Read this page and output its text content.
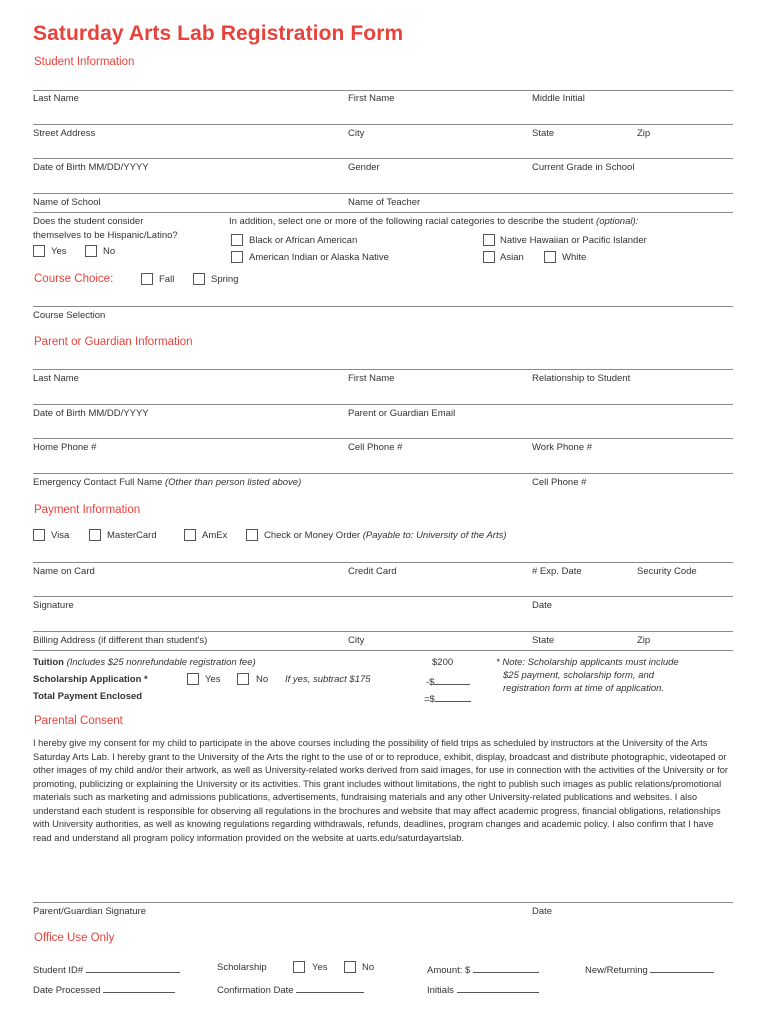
Saturday Arts Lab Registration Form
Student Information
Last Name	First Name	Middle Initial
Street Address	City	State	Zip
Date of Birth MM/DD/YYYY	Gender	Current Grade in School
Name of School	Name of Teacher
Does the student consider
themselves to be Hispanic/Latino?
Yes	No
In addition, select one or more of the following racial categories to describe the student (optional):
Black or African American
American Indian or Alaska Native
Native Hawaiian or Pacific Islander
Asian	White
Course Choice:	Fall	Spring
Course Selection
Parent or Guardian Information
Last Name	First Name	Relationship to Student
Date of Birth MM/DD/YYYY	Parent or Guardian Email
Home Phone #	Cell Phone #	Work Phone #
Emergency Contact Full Name (Other than person listed above)	Cell Phone #
Payment Information
Visa	MasterCard	AmEx	Check or Money Order (Payable to: University of the Arts)
Name on Card	Credit Card	# Exp. Date	Security Code
Signature	Date
Billing Address (if different than student's)	City	State	Zip
Tuition (Includes $25 nonrefundable registration fee)	$200
Scholarship Application *	Yes	No If yes, subtract $175	-$
Total Payment Enclosed	=$
* Note: Scholarship applicants must include
$25 payment, scholarship form, and
registration form at time of application.
Parental Consent
I hereby give my consent for my child to participate in the above courses including the possibility of field trips as scheduled by instructors at the University of the Arts Saturday Arts Lab. I hereby grant to the University of the Arts the right to the use of or to reproduce, exhibit, display, broadcast and distribute photographic, videotaped or other images of my child and/or their artwork, as well as University-related works derived from said images, for use in connection with the activities of the University or for promoting, publicizing or explaining the University or its activities. This grant includes without limitations, the right to publish such images as public relations/promotional materials such as marketing and admissions publications, advertisements, fundraising materials and any other University-related publications and websites. I also understand each student is responsible for observing all regulations in the brochures and website that may affect academic progress, financial obligations, relationships with University authorities, as well as knowing regulations regarding withdrawals, refunds, deadlines, program changes and academic policy. I also confirm that I have read and understand all program policy information provided on the website at uarts.edu/saturdayartslab.
Parent/Guardian Signature	Date
Office Use Only
Student ID#	Scholarship	Yes	No	Amount: $	New/Returning
Date Processed	Confirmation Date	Initials
